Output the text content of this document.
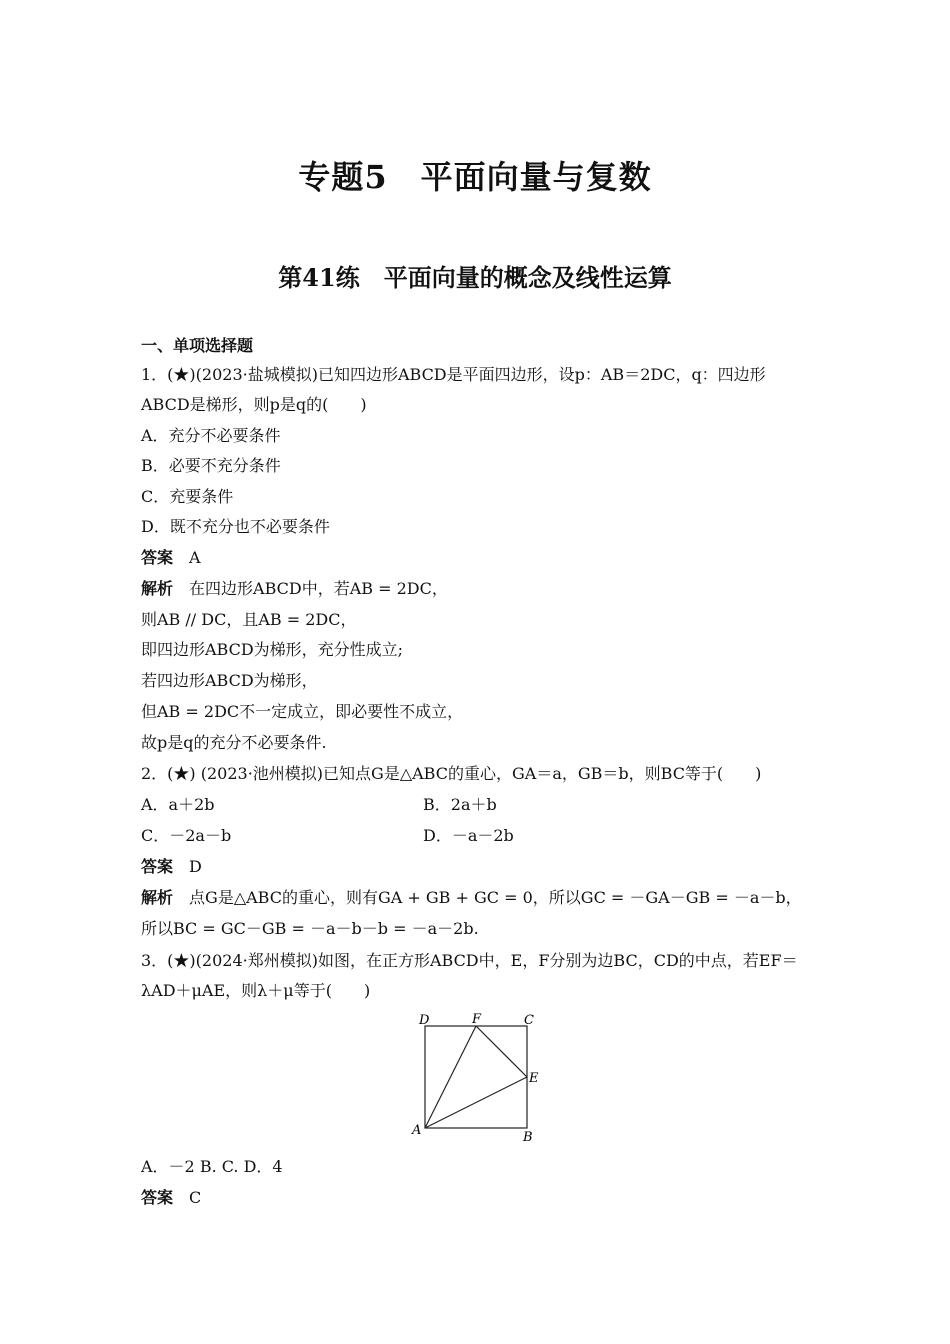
专题5　平面向量与复数
第41练　平面向量的概念及线性运算
一、单项选择题
1．(★)(2023·盐城模拟)已知四边形ABCD是平面四边形，设p：AB＝2DC，q：四边形
ABCD是梯形，则p是q的(　　)
A．充分不必要条件
B．必要不充分条件
C．充要条件
D．既不充分也不必要条件
答案　 A
解析　 在四边形ABCD中，若AB = 2DC，
则AB // DC，且AB = 2DC，
即四边形ABCD为梯形，充分性成立;
若四边形ABCD为梯形，
但AB = 2DC不一定成立，即必要性不成立，
故p是q的充分不必要条件.
2．(★) (2023·池州模拟)已知点G是△ABC的重心，GA＝a，GB＝b，则BC等于(　　)
A．a＋2b	B．2a＋b
C．－2a－b	D．－a－2b
答案　 D
解析　 点G是△ABC的重心，则有GA + GB + GC = 0，所以GC = －GA－GB = －a－b，
所以BC = GC－GB = －a－b－b = －a－2b.
3．(★)(2024·郑州模拟)如图，在正方形ABCD中，E，F分别为边BC，CD的中点，若EF＝
λAD＋μAE，则λ＋μ等于(　　)
D	F	C
E
A	B
A．－2 B. C. D．4
答案　 C
